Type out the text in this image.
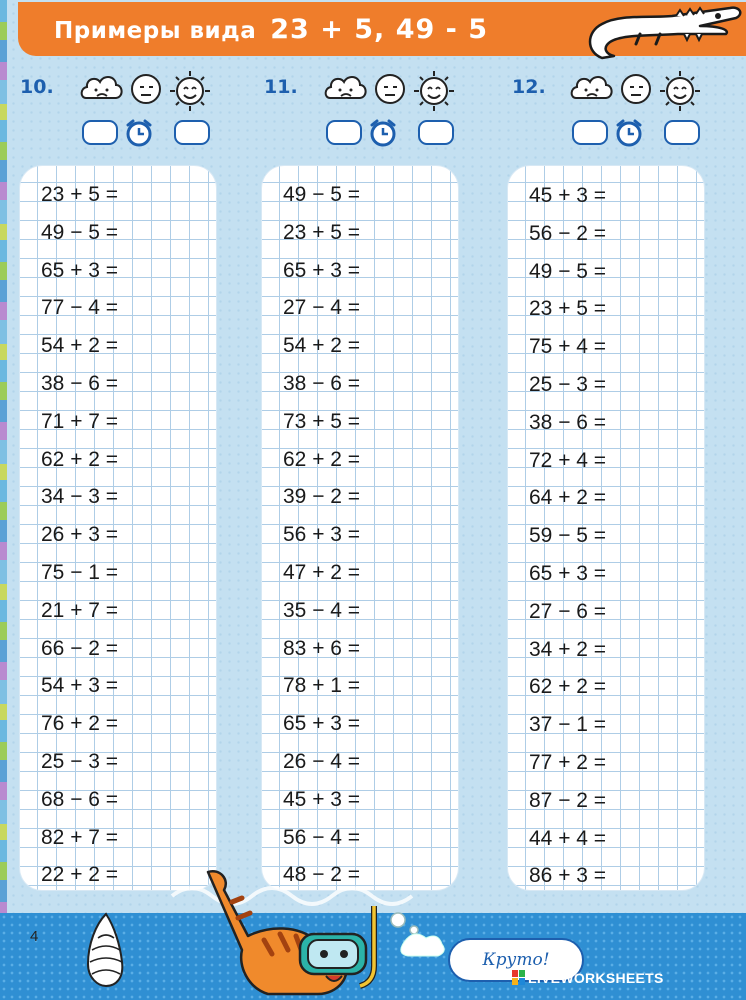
Примеры вида 23 + 5, 49 - 5
10.	11.	12.
23 + 5 =
49 − 5 =
65 + 3 =
77 − 4 =
54 + 2 =
38 − 6 =
71 + 7 =
62 + 2 =
34 − 3 =
26 + 3 =
75 − 1 =
21 + 7 =
66 − 2 =
54 + 3 =
76 + 2 =
25 − 3 =
68 − 6 =
82 + 7 =
22 + 2 =
49 − 5 =
23 + 5 =
65 + 3 =
27 − 4 =
54 + 2 =
38 − 6 =
73 + 5 =
62 + 2 =
39 − 2 =
56 + 3 =
47 + 2 =
35 − 4 =
83 + 6 =
78 + 1 =
65 + 3 =
26 − 4 =
45 + 3 =
56 − 4 =
48 − 2 =
45 + 3 =
56 − 2 =
49 − 5 =
23 + 5 =
75 + 4 =
25 − 3 =
38 − 6 =
72 + 4 =
64 + 2 =
59 − 5 =
65 + 3 =
27 − 6 =
34 + 2 =
62 + 2 =
37 − 1 =
77 + 2 =
87 − 2 =
44 + 4 =
86 + 3 =
4
Круто!
LIVEWORKSHEETS
